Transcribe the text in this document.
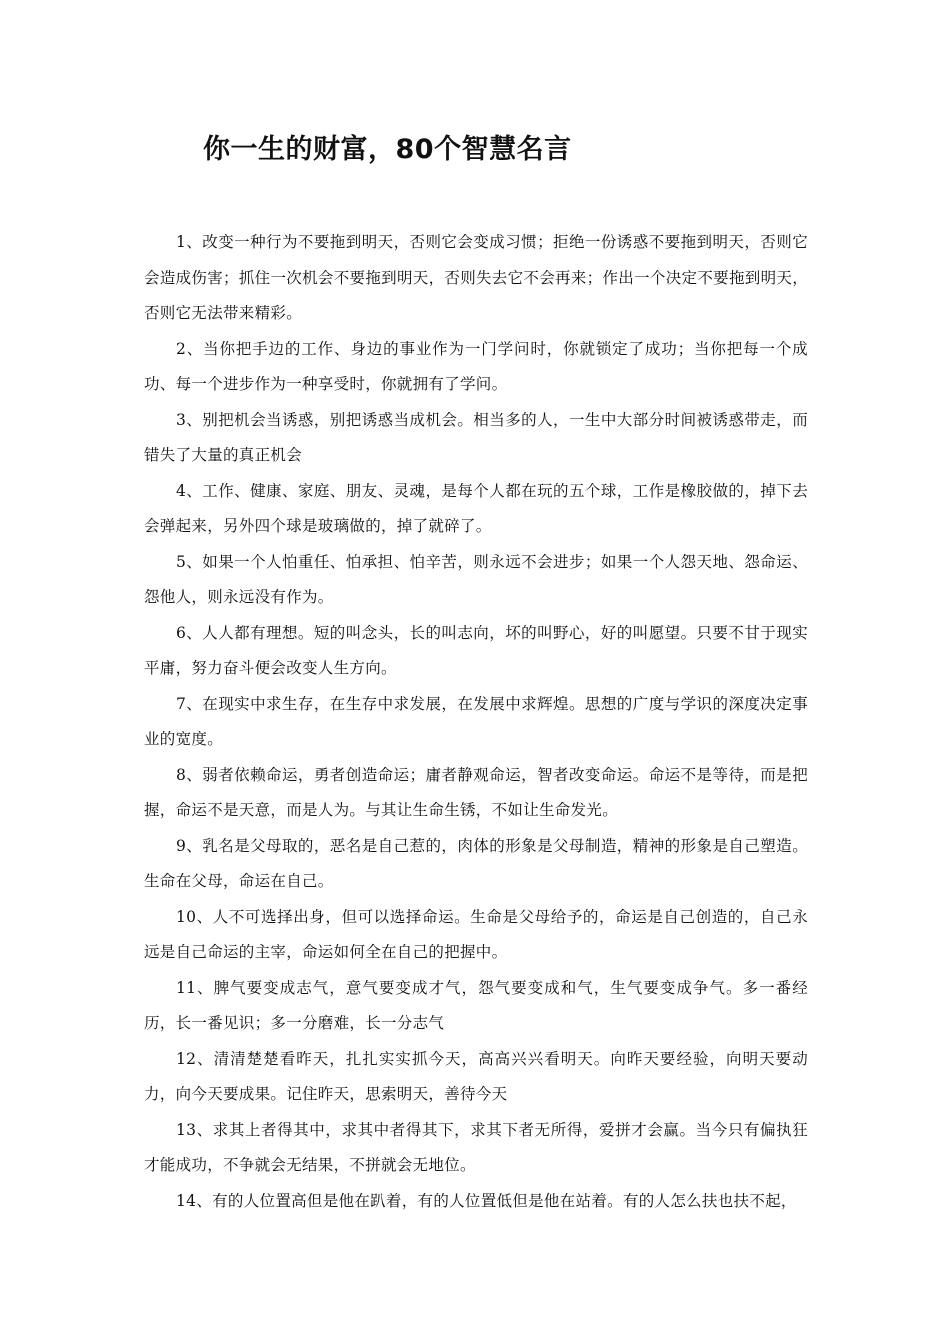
你一生的财富，80个智慧名言

1、改变一种行为不要拖到明天，否则它会变成习惯；拒绝一份诱惑不要拖到明天，否则它会造成伤害；抓住一次机会不要拖到明天，否则失去它不会再来；作出一个决定不要拖到明天，否则它无法带来精彩。

2、当你把手边的工作、身边的事业作为一门学问时，你就锁定了成功；当你把每一个成功、每一个进步作为一种享受时，你就拥有了学问。

3、别把机会当诱惑，别把诱惑当成机会。相当多的人，一生中大部分时间被诱惑带走，而错失了大量的真正机会

4、工作、健康、家庭、朋友、灵魂，是每个人都在玩的五个球，工作是橡胶做的，掉下去会弹起来，另外四个球是玻璃做的，掉了就碎了。

5、如果一个人怕重任、怕承担、怕辛苦，则永远不会进步；如果一个人怨天地、怨命运、怨他人，则永远没有作为。

6、人人都有理想。短的叫念头，长的叫志向，坏的叫野心，好的叫愿望。只要不甘于现实平庸，努力奋斗便会改变人生方向。

7、在现实中求生存，在生存中求发展，在发展中求辉煌。思想的广度与学识的深度决定事业的宽度。

8、弱者依赖命运，勇者创造命运；庸者静观命运，智者改变命运。命运不是等待，而是把握，命运不是天意，而是人为。与其让生命生锈，不如让生命发光。

9、乳名是父母取的，恶名是自己惹的，肉体的形象是父母制造，精神的形象是自己塑造。生命在父母，命运在自己。

10、人不可选择出身，但可以选择命运。生命是父母给予的，命运是自己创造的，自己永远是自己命运的主宰，命运如何全在自己的把握中。

11、脾气要变成志气，意气要变成才气，怨气要变成和气，生气要变成争气。多一番经历，长一番见识；多一分磨难，长一分志气

12、清清楚楚看昨天，扎扎实实抓今天，高高兴兴看明天。向昨天要经验，向明天要动力，向今天要成果。记住昨天，思索明天，善待今天

13、求其上者得其中，求其中者得其下，求其下者无所得，爱拼才会赢。当今只有偏执狂才能成功，不争就会无结果，不拼就会无地位。

14、有的人位置高但是他在趴着，有的人位置低但是他在站着。有的人怎么扶也扶不起，
